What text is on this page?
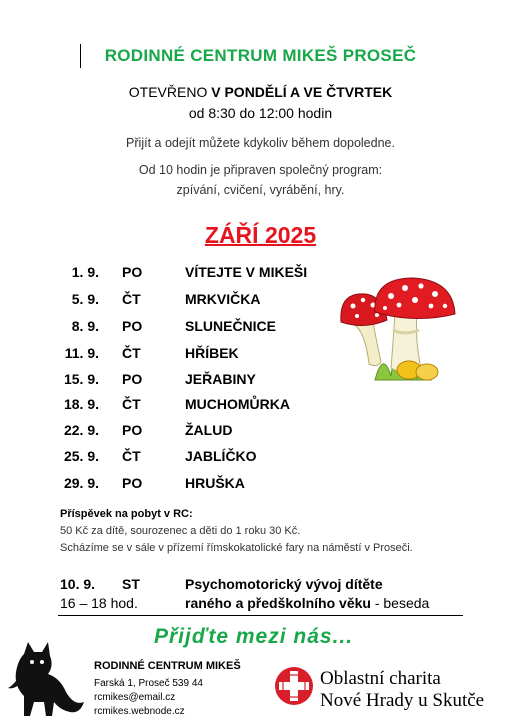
RODINNÉ CENTRUM MIKEŠ PROSEČ
OTEVŘENO V PONDĚLÍ A VE ČTVRTEK
od 8:30 do 12:00 hodin
Přijít a odejít můžete kdykoliv během dopoledne.
Od 10 hodin je připraven společný program:
zpívání, cvičení, vyrábění, hry.
ZÁŘÍ 2025
1. 9. PO	VÍTEJTE V MIKEŠI
5. 9. ČT	MRKVIČKA
8. 9. PO	SLUNEČNICE
11. 9. ČT	HŘÍBEK
15. 9. PO	JEŘABINY
18. 9. ČT	MUCHOMŮRKA
22. 9. PO	ŽALUD
25. 9. ČT	JABLÍČKO
29. 9. PO	HRUŠKA
Příspěvek na pobyt v RC:
50 Kč za dítě, sourozenec a děti do 1 roku 30 Kč.
Scházíme se v sále v přízemí římskokatolické fary na náměstí v Proseči.
10. 9. ST	Psychomotorický vývoj dítěte
16 – 18 hod.	raného a předškolního věku - beseda
Přijďte mezi nás...
RODINNÉ CENTRUM MIKEŠ
Farská 1, Proseč 539 44
rcmikes@email.cz
rcmikes.webnode.cz
Oblastní charita
Nové Hrady u Skutče
